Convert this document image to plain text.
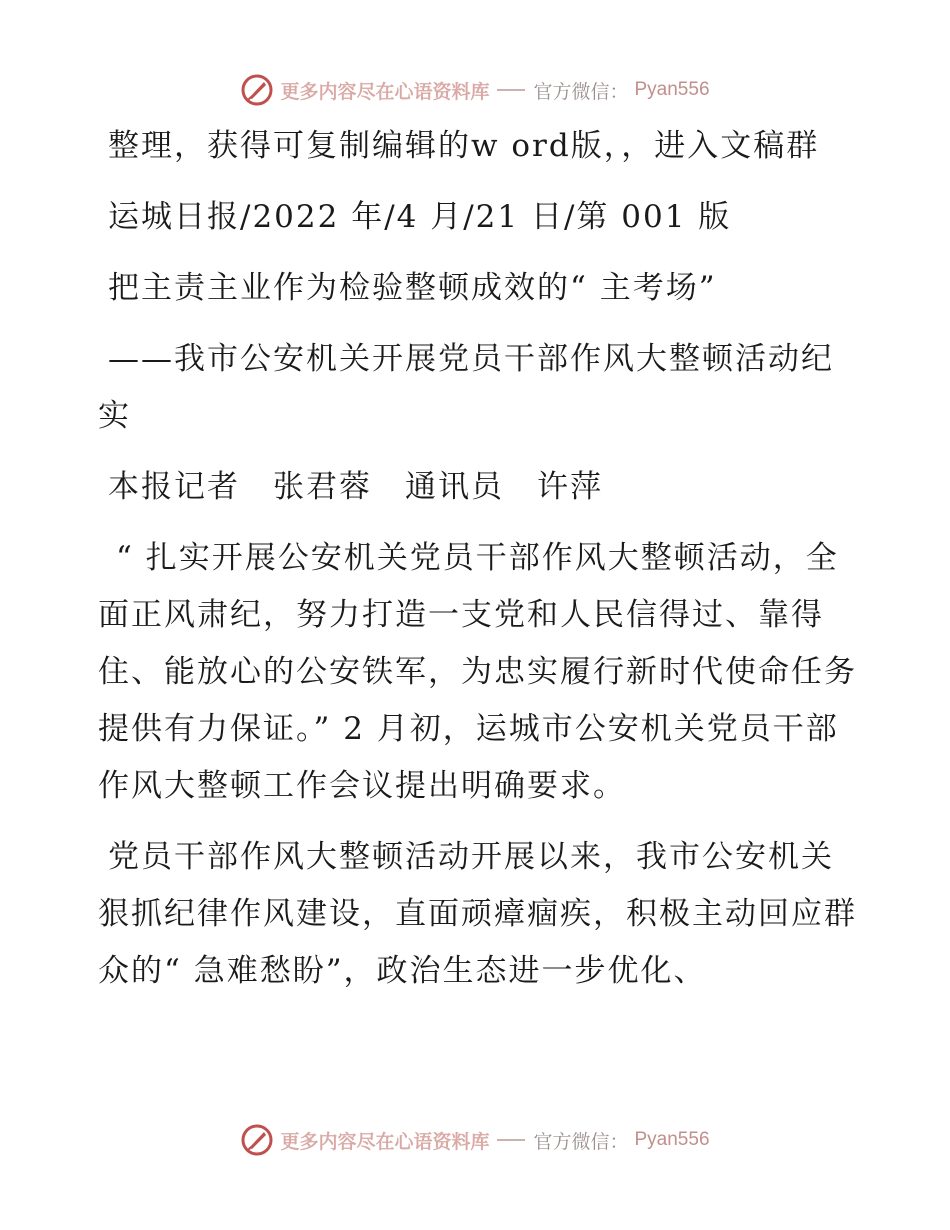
更多内容尽在心语资料库 官方微信： Pyan556

整理，获得可复制编辑的w ord版，，进入文稿群

运城日报/2022 年/4 月/21 日/第 001 版

把主责主业作为检验整顿成效的“ 主考场”

——我市公安机关开展党员干部作风大整顿活动纪实

本报记者　张君蓉　通讯员　许萍

“ 扎实开展公安机关党员干部作风大整顿活动，全面正风肃纪，努力打造一支党和人民信得过、靠得住、能放心的公安铁军，为忠实履行新时代使命任务提供有力保证。” 2 月初，运城市公安机关党员干部作风大整顿工作会议提出明确要求。

党员干部作风大整顿活动开展以来，我市公安机关狠抓纪律作风建设，直面顽瘴痼疾，积极主动回应群众的“ 急难愁盼”，政治生态进一步优化、

更多内容尽在心语资料库 官方微信： Pyan556
